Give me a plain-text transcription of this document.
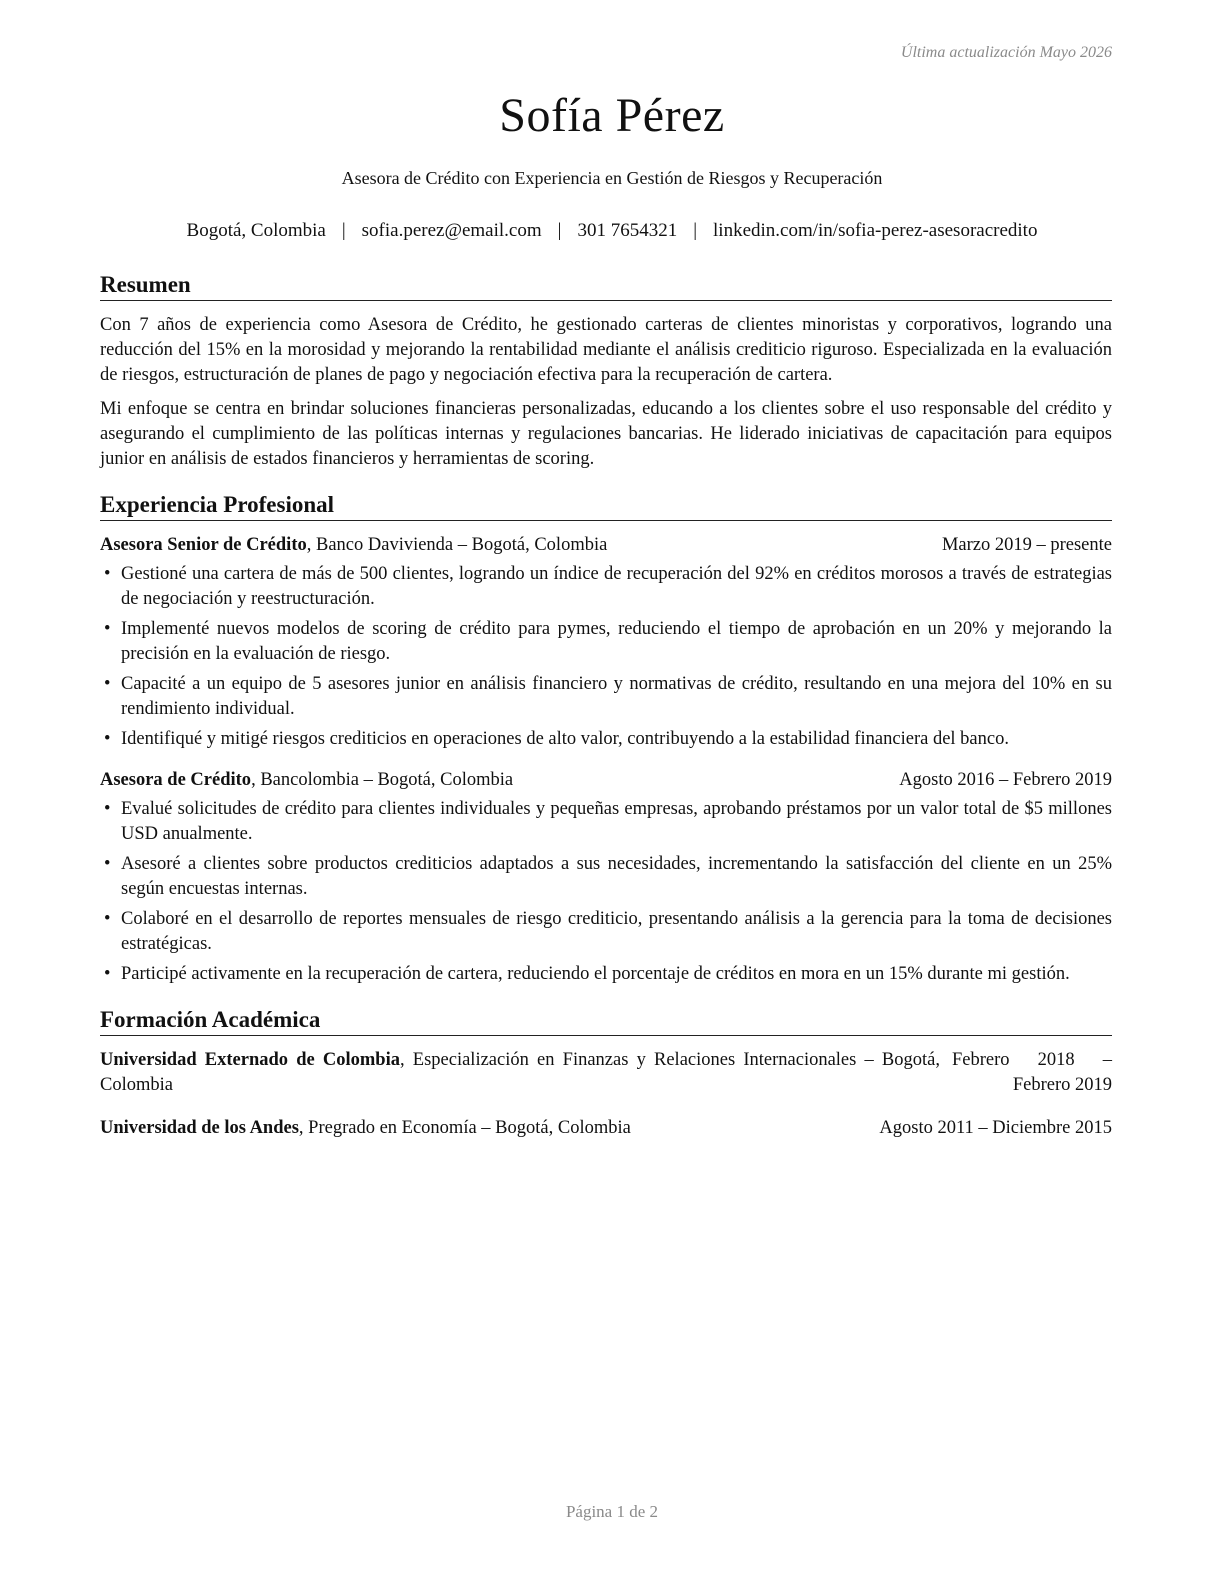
Última actualización Mayo 2026
Sofía Pérez
Asesora de Crédito con Experiencia en Gestión de Riesgos y Recuperación
Bogotá, Colombia | sofia.perez@email.com | 301 7654321 | linkedin.com/in/sofia-perez-asesoracredito
Resumen

Con 7 años de experiencia como Asesora de Crédito, he gestionado carteras de clientes minoristas y corporativos, logrando una reducción del 15% en la morosidad y mejorando la rentabilidad mediante el análisis crediticio riguroso. Especializada en la evaluación de riesgos, estructuración de planes de pago y negociación efectiva para la recuperación de cartera.

Mi enfoque se centra en brindar soluciones financieras personalizadas, educando a los clientes sobre el uso responsable del crédito y asegurando el cumplimiento de las políticas internas y regulaciones bancarias. He liderado iniciativas de capacitación para equipos junior en análisis de estados financieros y herramientas de scoring.

Experiencia Profesional
Asesora Senior de Crédito, Banco Davivienda – Bogotá, Colombia	Marzo 2019 – presente
• Gestioné una cartera de más de 500 clientes, logrando un índice de recuperación del 92% en créditos morosos a través de estrategias de negociación y reestructuración.
• Implementé nuevos modelos de scoring de crédito para pymes, reduciendo el tiempo de aprobación en un 20% y mejorando la precisión en la evaluación de riesgo.
• Capacité a un equipo de 5 asesores junior en análisis financiero y normativas de crédito, resultando en una mejora del 10% en su rendimiento individual.
• Identifiqué y mitigé riesgos crediticios en operaciones de alto valor, contribuyendo a la estabilidad financiera del banco.
Asesora de Crédito, Bancolombia – Bogotá, Colombia	Agosto 2016 – Febrero 2019
• Evalué solicitudes de crédito para clientes individuales y pequeñas empresas, aprobando préstamos por un valor total de $5 millones USD anualmente.
• Asesoré a clientes sobre productos crediticios adaptados a sus necesidades, incrementando la satisfacción del cliente en un 25% según encuestas internas.
• Colaboré en el desarrollo de reportes mensuales de riesgo crediticio, presentando análisis a la gerencia para la toma de decisiones estratégicas.
• Participé activamente en la recuperación de cartera, reduciendo el porcentaje de créditos en mora en un 15% durante mi gestión.
Formación Académica
Universidad Externado de Colombia, Especialización en Finanzas y Relaciones Internacionales – Bogotá, Colombia
Febrero 2018 – Febrero 2019
Universidad de los Andes, Pregrado en Economía – Bogotá, Colombia	Agosto 2011 – Diciembre 2015
Página 1 de 2
